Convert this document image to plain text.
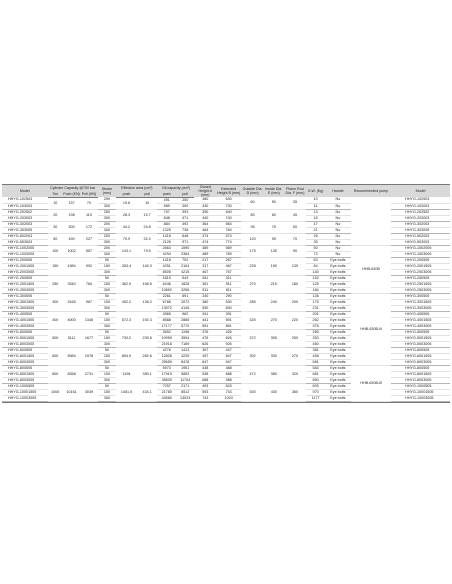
Model	Cylinder Capacity @700 bar			Stroke (mm)	Effective area (cm²)		Oil capacity (cm³)		Closed Height A (mm)	Extended Height B (mm)	Outside Dia. D (mm)	Inside Dia. E (mm)	Piston Rod Dia. F (mm)	G.W. (Kg)	Handle	Recommended pump	Model
	Ton	Push (KN)	Pull (KN)		push	pull	push	pull									
HHYG-102503	10	137	70	250	19.6	10	491	250	380	630	60	50	35	10	No		HHYG-102503
HHYG-103003				300			589	300	430	730				11	No		HHYG-103003
HHYG-202502	20	198	110	250	28.3	15.7	707	393	390	640	80	60	45	13	No		HHYG-202502
HHYG-203003				300			848	471	440	740				15	No		HHYG-203003
HHYG-302003	30	300	172	200	44.2	24.8	884	492	364	564	95	75	50	17	No		HHYG-302003
HHYG-303005				300			1325	738	464	764				21	No		HHYG-303005
HHYG-502003	50	490	227	200	70.9	32.4	1418	648	374	574	120	95	70	26	No		HHYG-502003
HHYG-503003				300			2126	971	474	774				35	No		HHYG-503003
HHYG-1002005	100	1002	557	200	143.1	79.5	2863	1590	389	589	175	135	90	50	No	HHB-630B	HHYG-1002005
HHYG-1003005				300			4294	2384	489	789				73	No		HHYG-1003005
HHYG-200505	150	1984	992	50	283.4	140.3	1418	702	217	267	228	190	135	63	Eye bolts		HHYG-200505
HHYG-2001505				150			4251	2104	317	467				84	Eye bolts		HHYG-2001505
HHYG-2003005				300			8505	4215	467	767				140	Eye bolts		HHYG-2003005
HHYG-250505	250	2540	760	50	362.9	108.5	1815	543	261	311	270	215	180	152	Eye bolts		HHYG-250505
HHYG-2501505				150			5446	1628	361	511				125	Eye bolts		HHYG-2501505
HHYG-2503005				300			10892	3256	511	811				184	Eye bolts		HHYG-2503005
HHYG-300505	300	3165	967	50	452.2	138.2	2261	691	240	290	285	240	200	136	Eye bolts	HHB-630B-Ⅲ	HHYG-300505
HHYG-3001505				150			6786	2072	380	530				175	Eye bolts		HHYG-3001505
HHYG-3003005				300			13572	4145	530	830				231	Eye bolts		HHYG-3003005
HHYG-400505	400	4000	1346	50	572.3	192.3	2865	962	341	391	325	270	220	201	Eye bolts		HHYG-400505
HHYG-4001505				150			8588	2885	441	591				262	Eye bolts		HHYG-4001505
HHYG-4003005				300			17177	5770	591	891				376	Eye bolts		HHYG-4003005
HHYG-500505	500	5111	1677	50	730.2	239.6	3652	1198	376	426	372	305	250	265	Eye bolts		HHYG-500505
HHYG-5001505				150			10959	3594	476	626				353	Eye bolts		HHYG-5001505
HHYG-5003005				300			21918	7189	626	926				460	Eye bolts		HHYG-5003005
HHYG-600505	600	5984	1978	50	854.9	282.6	4276	1413	397	447	392	330	270	381	Eye bolts		HHYG-600505
HHYG-6001505				150			12828	4239	497	647				458	Eye bolts		HHYG-6001505
HHYG-6003005				300			25659	8478	647	947				581	Eye bolts		HHYG-6003005
HHYG-800505	800	8358	2731	50	1194	390.1	5973	1951	438	488	472	380	320	583	Eye bolts	HHB-630B-Ⅲ	HHYG-800505
HHYG-8001505				150			17919	5852	538	688				681	Eye bolts		HHYG-8001505
HHYG-8003005				300			35839	11704	688	988				850	Eye bolts		HHYG-8003005
HHYG-1000505	1000	10161	3039	50	1451.5	434.1	7257	2171	493	543	530	430	360	693	Eye bolts		HHYG-1000505
HHYG-10001505				150			21780	6512	593	743				970	Eye bolts		HHYG-10001505
HHYG-10003005				300			43560	13023	743	1043				1177	Eye bolts		HHYG-10003005
